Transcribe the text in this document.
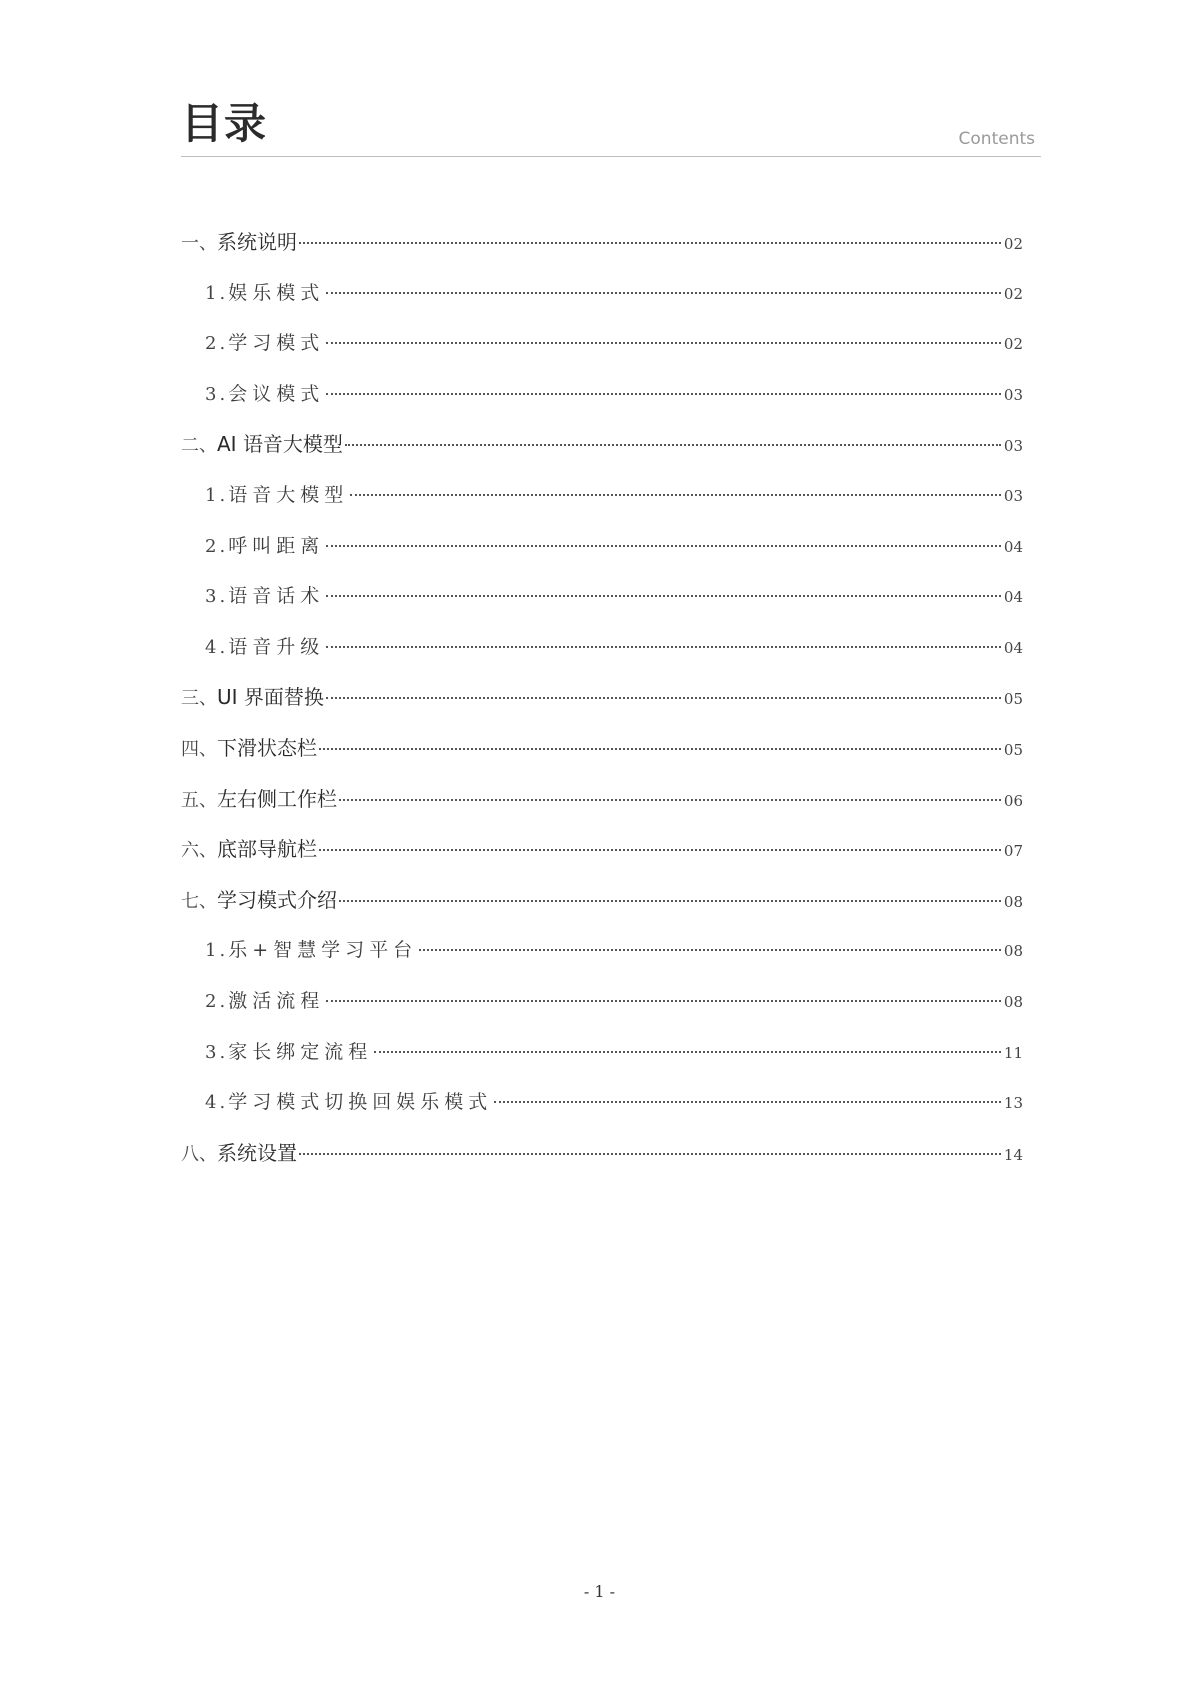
目录	Contents
一、 系统说明	02
1. 娱乐模式	02
2. 学习模式	02
3. 会议模式	03
二、 AI 语音大模型	03
1. 语音大模型	03
2. 呼叫距离	04
3. 语音话术	04
4. 语音升级	04
三、 UI 界面替换	05
四、 下滑状态栏	05
五、 左右侧工作栏	06
六、 底部导航栏	07
七、 学习模式介绍	08
1. 乐+智慧学习平台	08
2. 激活流程	08
3. 家长绑定流程	11
4. 学习模式切换回娱乐模式	13
八、 系统设置	14
- 1 -
